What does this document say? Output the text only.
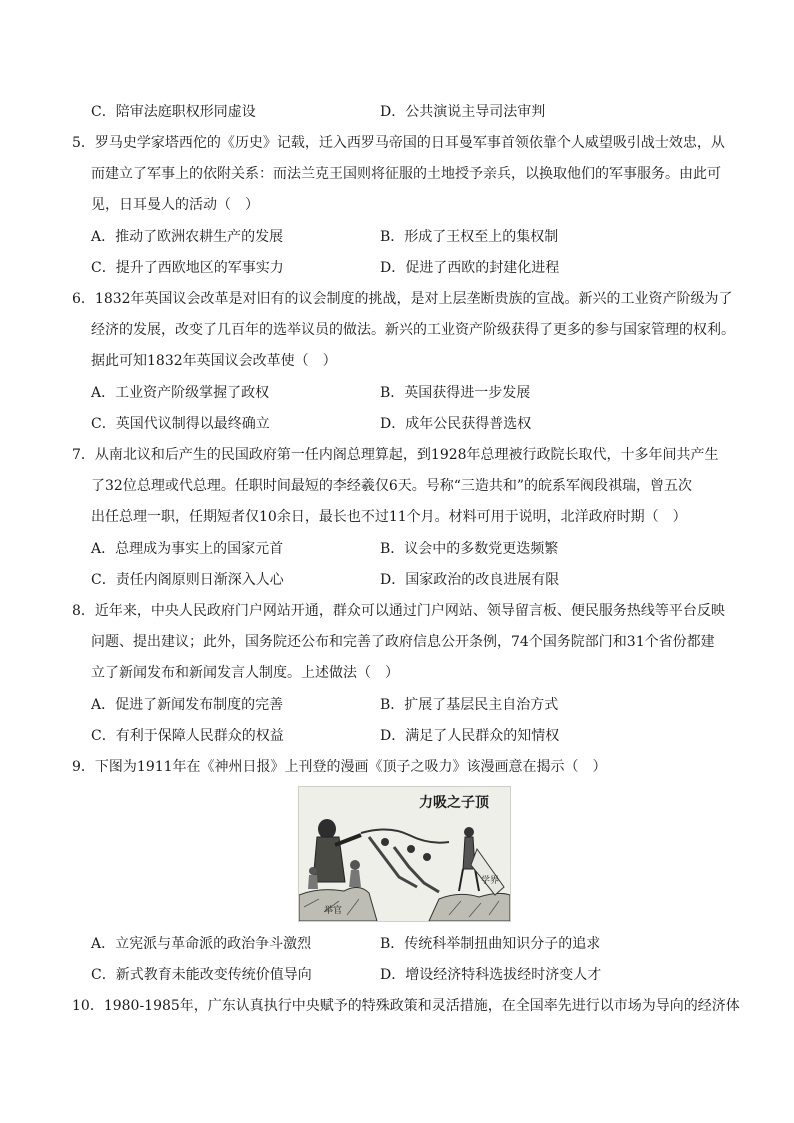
C．陪审法庭职权形同虚设	D．公共演说主导司法审判
5．罗马史学家塔西佗的《历史》记载，迁入西罗马帝国的日耳曼军事首领依靠个人威望吸引战士效忠，从
而建立了军事上的依附关系：而法兰克王国则将征服的土地授予亲兵，以换取他们的军事服务。由此可
见，日耳曼人的活动（　）
A．推动了欧洲农耕生产的发展	B．形成了王权至上的集权制
C．提升了西欧地区的军事实力	D．促进了西欧的封建化进程
6．1832年英国议会改革是对旧有的议会制度的挑战，是对上层垄断贵族的宣战。新兴的工业资产阶级为了
经济的发展，改变了几百年的选举议员的做法。新兴的工业资产阶级获得了更多的参与国家管理的权利。
据此可知1832年英国议会改革使（　）
A．工业资产阶级掌握了政权	B．英国获得进一步发展
C．英国代议制得以最终确立	D．成年公民获得普选权
7．从南北议和后产生的民国政府第一任内阁总理算起，到1928年总理被行政院长取代，十多年间共产生
了32位总理或代总理。任职时间最短的李经羲仅6天。号称“三造共和”的皖系军阀段祺瑞，曾五次
出任总理一职，任期短者仅10余日，最长也不过11个月。材料可用于说明，北洋政府时期（　）
A．总理成为事实上的国家元首	B．议会中的多数党更迭频繁
C．责任内阁原则日渐深入人心	D．国家政治的改良进展有限
8．近年来，中央人民政府门户网站开通，群众可以通过门户网站、领导留言板、便民服务热线等平台反映
问题、提出建议；此外，国务院还公布和完善了政府信息公开条例，74个国务院部门和31个省份都建
立了新闻发布和新闻发言人制度。上述做法（　）
A．促进了新闻发布制度的完善	B．扩展了基层民主自治方式
C．有利于保障人民群众的权益	D．满足了人民群众的知情权
9．下图为1911年在《神州日报》上刊登的漫画《顶子之吸力》该漫画意在揭示（　）
力吸之子顶
举官
学界
A．立宪派与革命派的政治争斗激烈	B．传统科举制扭曲知识分子的追求
C．新式教育未能改变传统价值导向	D．增设经济特科选拔经时济变人才
10．1980-1985年，广东认真执行中央赋予的特殊政策和灵活措施，在全国率先进行以市场为导向的经济体
